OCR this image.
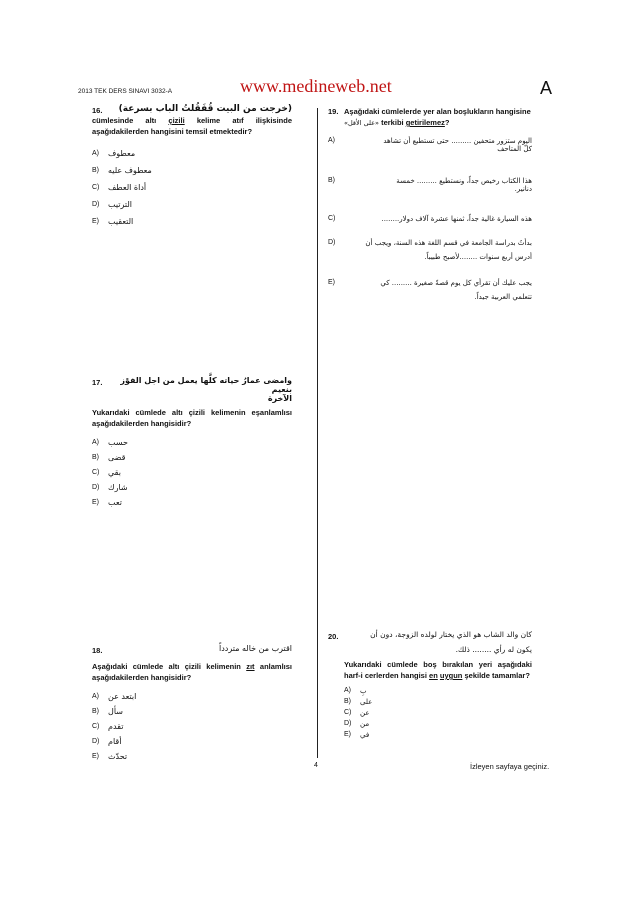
2013 TEK DERS SINAVI 3032-A	www.medineweb.net	A
16.	(خرجت من البيت قُفَقُلتُ الباب بسرعة)
cümlesinde altı çizili kelime atıf ilişkisinde aşağıdakilerden hangisini temsil etmektedir?
A)	معطوف
B)	معطوف عليه
C)	أداة العطف
D)	الترتيب
E)	التعقيب
17.	وامضى عمارُ حياته كلَّها يعمل من اجل الفوْز بنعيم
الآخرة
Yukarıdaki cümlede altı çizili kelimenin eşanlamlısı aşağıdakilerden hangisidir?
A)	حسب
B)	قضى
C)	بقي
D)	شارك
E)	تعب
18.	اقترب من خاله متردداً
Aşağıdaki cümlede altı çizili kelimenin zıt anlamlısı aşağıdakilerden hangisidir?
A)	ابتعد عن
B)	سأل
C)	تقدم
D)	أقام
E)	تحدّث
19. Aşağıdaki cümlelerde yer alan boşlukların hangisine «على الأقل» terkibi getirilemez?
A)	اليوم ستزور متحفين ......... حتى تستطيع أن تشاهد
كلّ المتاحف
B)	هذا الكتاب رخيص جداً، ونستطيع ......... خمسة
دنانير.
C)	هذه السيارة غالية جداً، ثمنها عشرة آلاف دولار........
D)	بدأتُ بدراسة الجامعة في قسم اللغة هذه السنة، ويجب أن
أدرس أربع سنوات ........لأصبح طبيباً.
E)	يجب عليك أن تقرأي كل يوم قصةً صغيرة ......... كي
تتعلمي العربية جيداً.
20.	كان والد الشاب هو الذي يختار لولده الزوجة، دون أن
يكون له رأي ........ ذلك.
Yukarıdaki cümlede boş bırakılan yeri aşağıdaki harf-i cerlerden hangisi en uygun şekilde tamamlar?
A)	بِ
B)	على
C)	عن
D)	من
E)	في
4	İzleyen sayfaya geçiniz.
